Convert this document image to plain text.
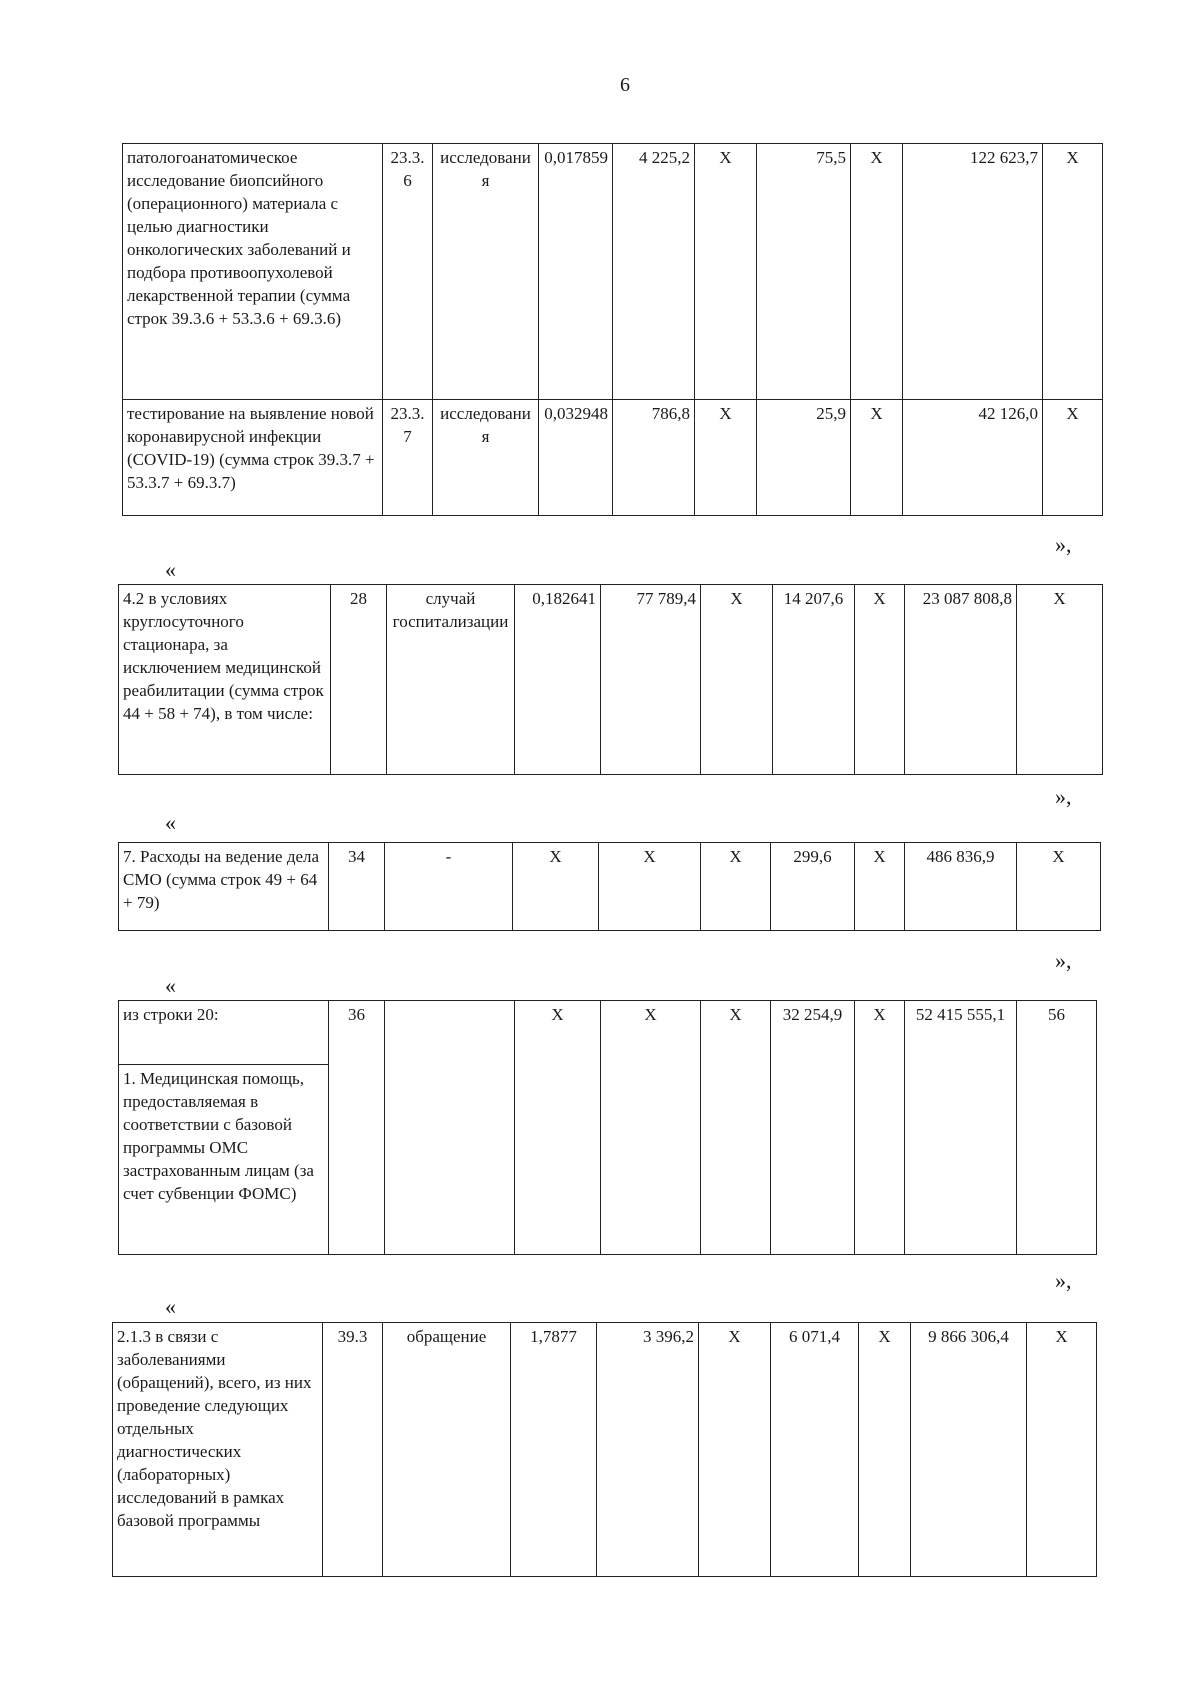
6
патологоанатомическое исследование биопсийного (операционного) материала с целью диагностики онкологических заболеваний и подбора противоопухолевой лекарственной терапии (сумма строк 39.3.6 + 53.3.6 + 69.3.6)	23.3.6	исследования	0,017859	4 225,2	X	75,5	X	122 623,7	X
тестирование на выявление новой коронавирусной инфекции (COVID-19) (сумма строк 39.3.7 + 53.3.7 + 69.3.7)	23.3.7	исследования	0,032948	786,8	X	25,9	X	42 126,0	X
»,
«
4.2 в условиях круглосуточного стационара, за исключением медицинской реабилитации (сумма строк 44 + 58 + 74), в том числе:	28	случай госпитализации	0,182641	77 789,4	X	14 207,6	X	23 087 808,8	X
»,
«
7. Расходы на ведение дела СМО (сумма строк 49 + 64 + 79)	34	-	X	X	X	299,6	X	486 836,9	X
»,
«
из строки 20:	36		X	X	X	32 254,9	X	52 415 555,1	56
1. Медицинская помощь, предоставляемая в соответствии с базовой программы ОМС застрахованным лицам (за счет субвенции ФОМС)
»,
«
2.1.3 в связи с заболеваниями (обращений), всего, из них проведение следующих отдельных диагностических (лабораторных) исследований в рамках базовой программы	39.3	обращение	1,7877	3 396,2	X	6 071,4	X	9 866 306,4	X
